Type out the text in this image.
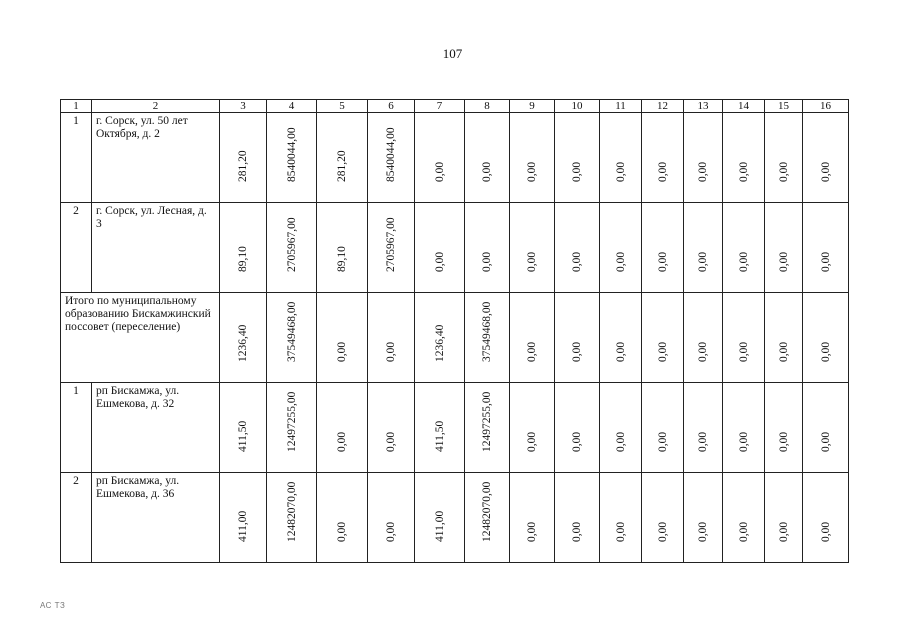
107
1	2	3	4	5	6	7	8	9	10	11	12	13	14	15	16
1	г. Сорск, ул. 50 лет Октября, д. 2	281,20	8540044,00	281,20	8540044,00	0,00	0,00	0,00	0,00	0,00	0,00	0,00	0,00	0,00	0,00

2	г. Сорск, ул. Лесная, д. 3	89,10	2705967,00	89,10	2705967,00	0,00	0,00	0,00	0,00	0,00	0,00	0,00	0,00	0,00	0,00

Итого по муниципальному образованию Бискамжинский поссовет (переселение)		1236,40	37549468,00	0,00	0,00	1236,40	37549468,00	0,00	0,00	0,00	0,00	0,00	0,00	0,00	0,00

1	рп Бискамжа, ул. Ешмекова, д. 32	411,50	12497255,00	0,00	0,00	411,50	12497255,00	0,00	0,00	0,00	0,00	0,00	0,00	0,00	0,00

2	рп Бискамжа, ул. Ешмекова, д. 36	411,00	12482070,00	0,00	0,00	411,00	12482070,00	0,00	0,00	0,00	0,00	0,00	0,00	0,00	0,00
АС ТЗ
